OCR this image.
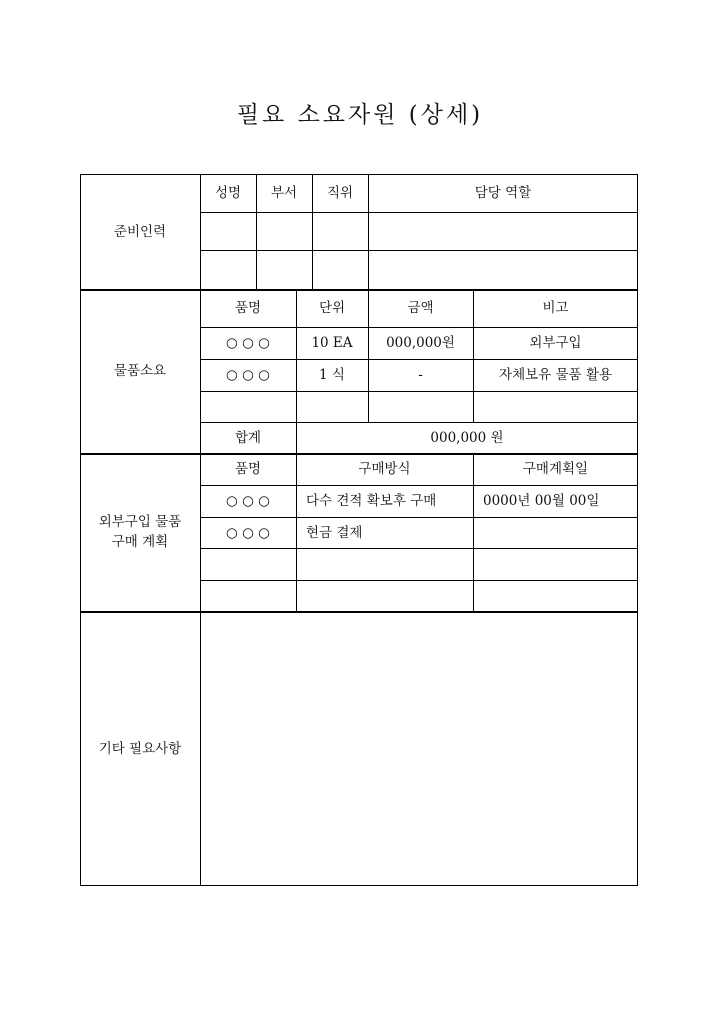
필요 소요자원 (상세)
준비인력
성명	부서	직위	담당 역할
물품소요
품명	단위	금액	비고
○ ○ ○	10 EA	000,000원	외부구입
○ ○ ○	1 식	-	자체보유 물품 활용
합계	000,000 원
외부구입 물품
구매 계획
품명	구매방식	구매계획일
○ ○ ○	다수 견적 확보후 구매	0000년 00월 00일
○ ○ ○	현금 결제
기타 필요사항
